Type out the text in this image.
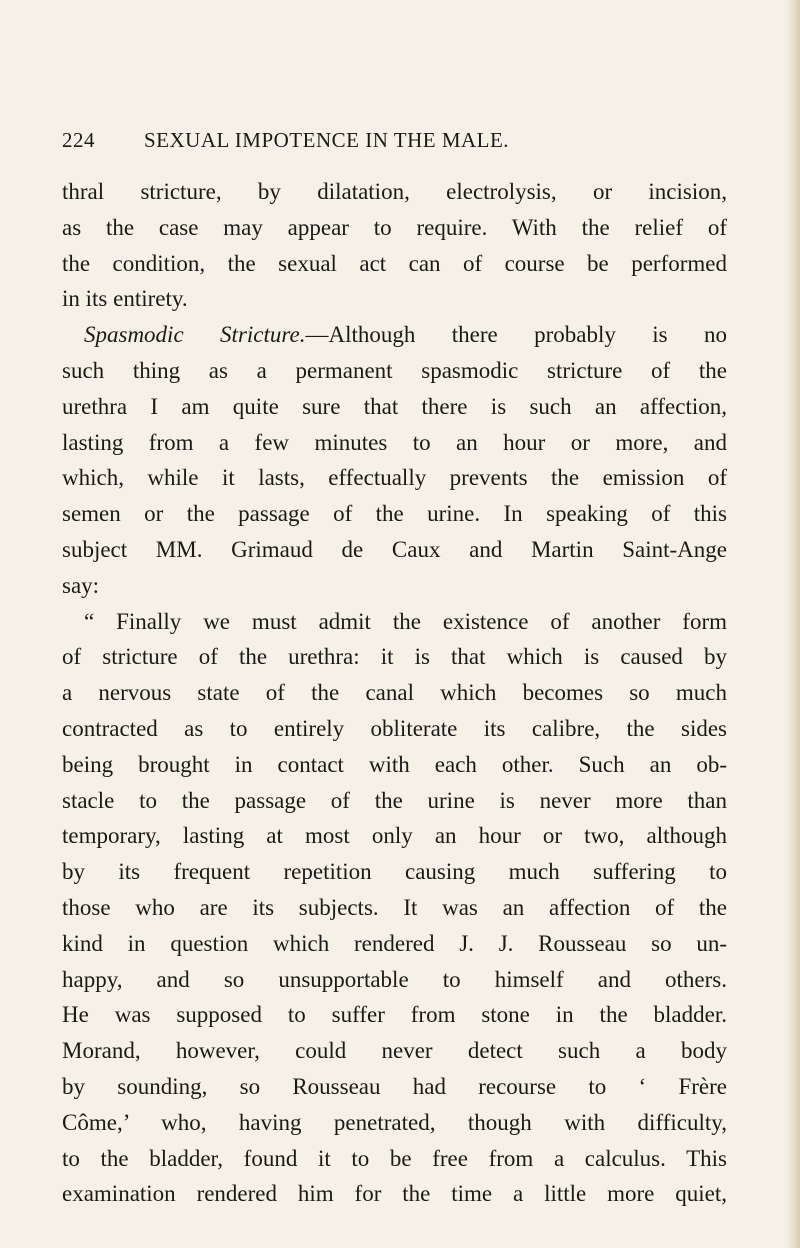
224 SEXUAL IMPOTENCE IN THE MALE.
thral stricture, by dilatation, electrolysis, or incision,
as the case may appear to require. With the relief of
the condition, the sexual act can of course be performed
in its entirety.
Spasmodic Stricture.—Although there probably is no
such thing as a permanent spasmodic stricture of the
urethra I am quite sure that there is such an affection,
lasting from a few minutes to an hour or more, and
which, while it lasts, effectually prevents the emission of
semen or the passage of the urine. In speaking of this
subject MM. Grimaud de Caux and Martin Saint-Ange
say:
“ Finally we must admit the existence of another form
of stricture of the urethra: it is that which is caused by
a nervous state of the canal which becomes so much
contracted as to entirely obliterate its calibre, the sides
being brought in contact with each other. Such an ob-
stacle to the passage of the urine is never more than
temporary, lasting at most only an hour or two, although
by its frequent repetition causing much suffering to
those who are its subjects. It was an affection of the
kind in question which rendered J. J. Rousseau so un-
happy, and so unsupportable to himself and others.
He was supposed to suffer from stone in the bladder.
Morand, however, could never detect such a body
by sounding, so Rousseau had recourse to ‘ Frère
Côme,’ who, having penetrated, though with difficulty,
to the bladder, found it to be free from a calculus. This
examination rendered him for the time a little more quiet,
